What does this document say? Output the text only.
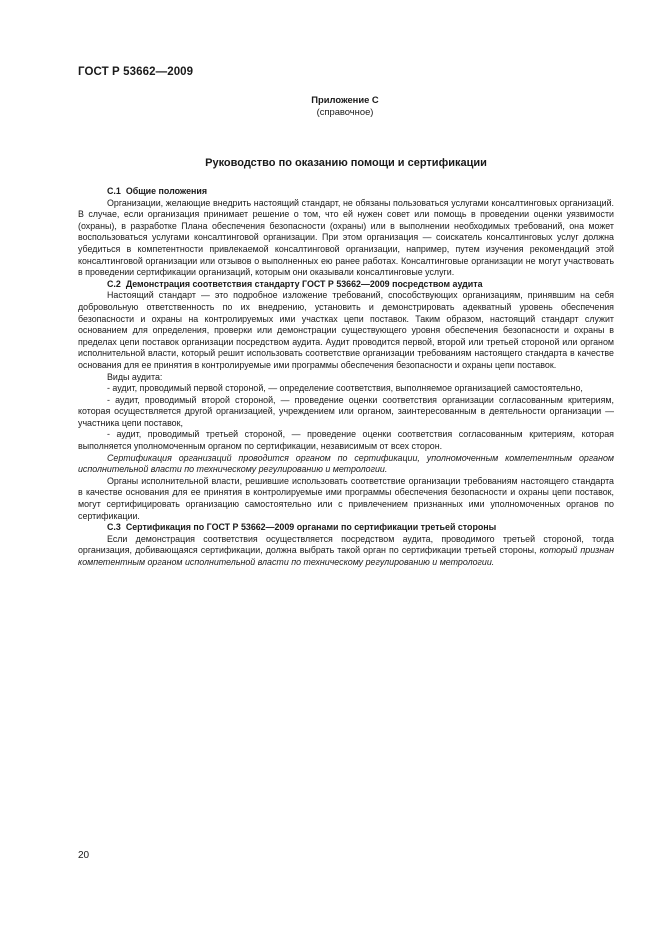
ГОСТ Р 53662—2009
Приложение С
(справочное)
Руководство по оказанию помощи и сертификации

С.1 Общие положения

Организации, желающие внедрить настоящий стандарт, не обязаны пользоваться услугами консалтинговых организаций. В случае, если организация принимает решение о том, что ей нужен совет или помощь в проведении оценки уязвимости (охраны), в разработке Плана обеспечения безопасности (охраны) или в выполнении необходимых требований, она может воспользоваться услугами консалтинговой организации. При этом организация — соискатель консалтинговых услуг должна убедиться в компетентности привлекаемой консалтинговой организации, например, путем изучения рекомендаций этой консалтинговой организации или отзывов о выполненных ею ранее работах. Консалтинговые организации не могут участвовать в проведении сертификации организаций, которым они оказывали консалтинговые услуги.

С.2 Демонстрация соответствия стандарту ГОСТ Р 53662—2009 посредством аудита

Настоящий стандарт — это подробное изложение требований, способствующих организациям, принявшим на себя добровольную ответственность по их внедрению, установить и демонстрировать адекватный уровень обеспечения безопасности и охраны на контролируемых ими участках цепи поставок. Таким образом, настоящий стандарт служит основанием для определения, проверки или демонстрации существующего уровня обеспечения безопасности и охраны в пределах цепи поставок организации посредством аудита. Аудит проводится первой, второй или третьей стороной или органом исполнительной власти, который решит использовать соответствие организации требованиям настоящего стандарта в качестве основания для ее принятия в контролируемые ими программы обеспечения безопасности и охраны цепи поставок.

Виды аудита:

- аудит, проводимый первой стороной, — определение соответствия, выполняемое организацией самостоятельно,

- аудит, проводимый второй стороной, — проведение оценки соответствия организации согласованным критериям, которая осуществляется другой организацией, учреждением или органом, заинтересованным в деятельности организации — участника цепи поставок,

- аудит, проводимый третьей стороной, — проведение оценки соответствия согласованным критериям, которая выполняется уполномоченным органом по сертификации, независимым от всех сторон.

Сертификация организаций проводится органом по сертификации, уполномоченным компетентным органом исполнительной власти по техническому регулированию и метрологии.

Органы исполнительной власти, решившие использовать соответствие организации требованиям настоящего стандарта в качестве основания для ее принятия в контролируемые ими программы обеспечения безопасности и охраны цепи поставок, могут сертифицировать организацию самостоятельно или с привлечением признанных ими уполномоченных органов по сертификации.

С.3 Сертификация по ГОСТ Р 53662—2009 органами по сертификации третьей стороны

Если демонстрация соответствия осуществляется посредством аудита, проводимого третьей стороной, тогда организация, добивающаяся сертификации, должна выбрать такой орган по сертификации третьей стороны, который признан компетентным органом исполнительной власти по техническому регулированию и метрологии.

20
